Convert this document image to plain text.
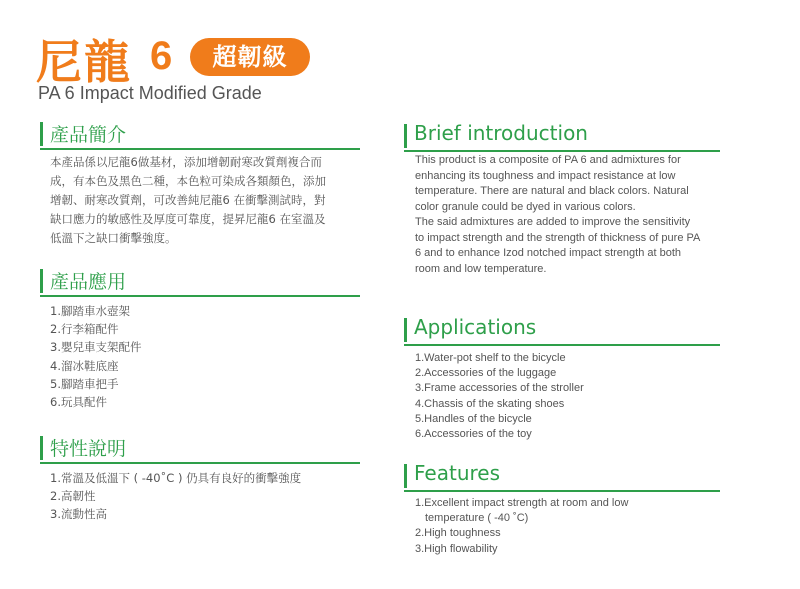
尼龍 6	超韌級
PA 6 Impact Modified Grade
產品簡介
本產品係以尼龍6做基材，添加增韌耐寒改質劑複合而
成，有本色及黑色二種，本色粒可染成各類顏色，添加
增韌、耐寒改質劑，可改善純尼龍6 在衝擊測試時，對
缺口應力的敏感性及厚度可靠度，提昇尼龍6 在室溫及
低溫下之缺口衝擊強度。
Brief introduction
This product is a composite of PA 6 and admixtures for
enhancing its toughness and impact resistance at low
temperature. There are natural and black colors. Natural
color granule could be dyed in various colors.
The said admixtures are added to improve the sensitivity
to impact strength and the strength of thickness of pure PA
6 and to enhance Izod notched impact strength at both
room and low temperature.
產品應用
1.腳踏車水壺架
2.行李箱配件
3.嬰兒車支架配件
4.溜冰鞋底座
5.腳踏車把手
6.玩具配件
Applications
1.Water-pot shelf to the bicycle
2.Accessories of the luggage
3.Frame accessories of the stroller
4.Chassis of the skating shoes
5.Handles of the bicycle
6.Accessories of the toy
特性說明
1.常溫及低溫下 ( -40˚C ) 仍具有良好的衝擊強度
2.高韌性
3.流動性高
Features
1.Excellent impact strength at room and low
temperature ( -40 ˚C)
2.High toughness
3.High flowability
